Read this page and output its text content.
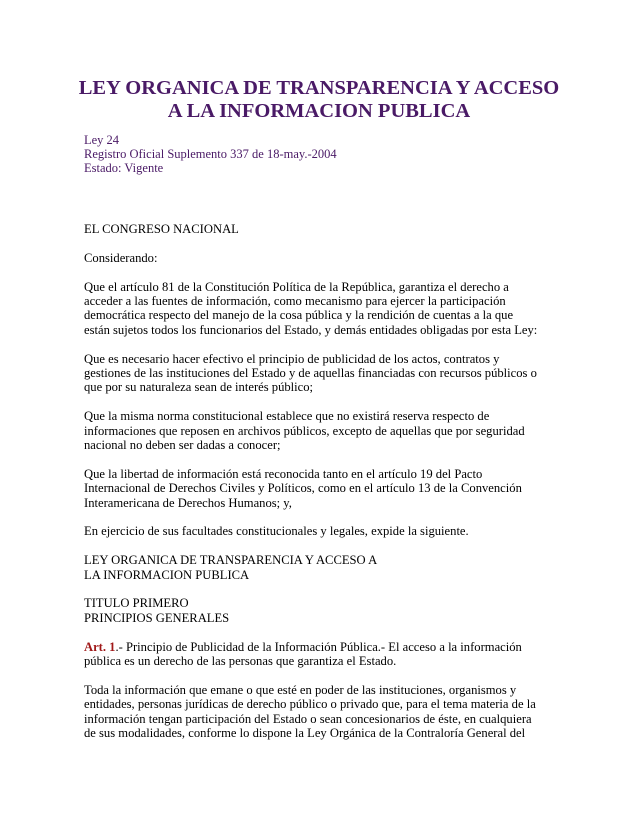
LEY ORGANICA DE TRANSPARENCIA Y ACCESO
A LA INFORMACION PUBLICA
Ley 24
Registro Oficial Suplemento 337 de 18-may.-2004
Estado: Vigente
EL CONGRESO NACIONAL
Considerando:
Que el artículo 81 de la Constitución Política de la República, garantiza el derecho a
acceder a las fuentes de información, como mecanismo para ejercer la participación
democrática respecto del manejo de la cosa pública y la rendición de cuentas a la que
están sujetos todos los funcionarios del Estado, y demás entidades obligadas por esta Ley:
Que es necesario hacer efectivo el principio de publicidad de los actos, contratos y
gestiones de las instituciones del Estado y de aquellas financiadas con recursos públicos o
que por su naturaleza sean de interés público;
Que la misma norma constitucional establece que no existirá reserva respecto de
informaciones que reposen en archivos públicos, excepto de aquellas que por seguridad
nacional no deben ser dadas a conocer;
Que la libertad de información está reconocida tanto en el artículo 19 del Pacto
Internacional de Derechos Civiles y Políticos, como en el artículo 13 de la Convención
Interamericana de Derechos Humanos; y,
En ejercicio de sus facultades constitucionales y legales, expide la siguiente.
LEY ORGANICA DE TRANSPARENCIA Y ACCESO A
LA INFORMACION PUBLICA
TITULO PRIMERO
PRINCIPIOS GENERALES
Art. 1.- Principio de Publicidad de la Información Pública.- El acceso a la información
pública es un derecho de las personas que garantiza el Estado.
Toda la información que emane o que esté en poder de las instituciones, organismos y
entidades, personas jurídicas de derecho público o privado que, para el tema materia de la
información tengan participación del Estado o sean concesionarios de éste, en cualquiera
de sus modalidades, conforme lo dispone la Ley Orgánica de la Contraloría General del
